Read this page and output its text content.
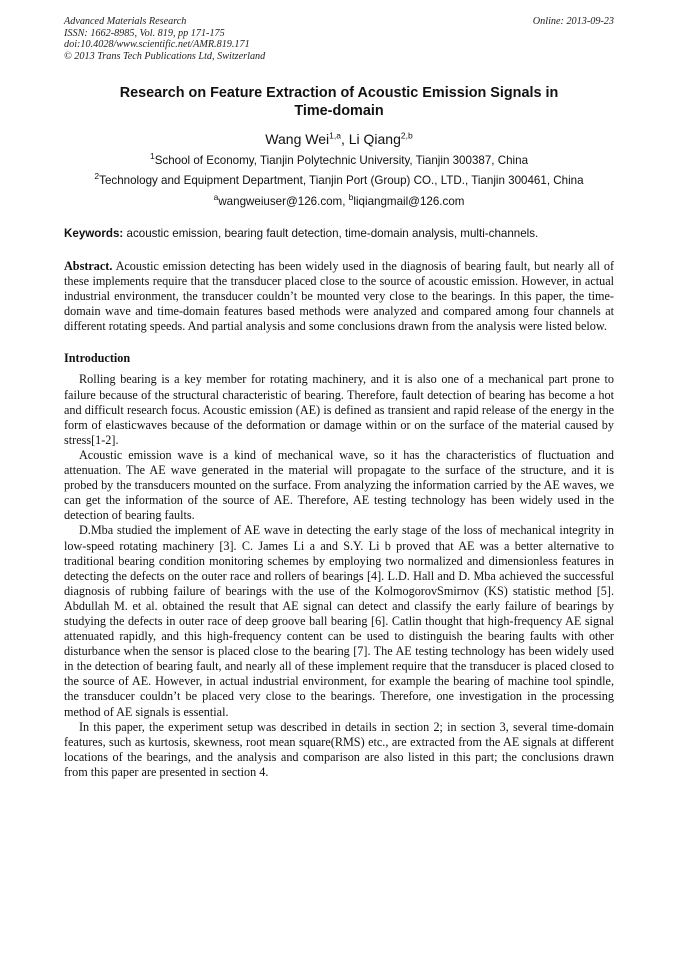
Advanced Materials Research
ISSN: 1662-8985, Vol. 819, pp 171-175
doi:10.4028/www.scientific.net/AMR.819.171
© 2013 Trans Tech Publications Ltd, Switzerland
Online: 2013-09-23
Research on Feature Extraction of Acoustic Emission Signals in
Time-domain
Wang Wei$^{1,a}$, Li Qiang$^{2,b}$
$^1$School of Economy, Tianjin Polytechnic University, Tianjin 300387, China
$^2$Technology and Equipment Department, Tianjin Port (Group) CO., LTD., Tianjin 300461, China
$^a$wangweiuser@126.com, $^b$liqiangmail@126.com
Keywords: acoustic emission, bearing fault detection, time-domain analysis, multi-channels.
Abstract. Acoustic emission detecting has been widely used in the diagnosis of bearing fault, but nearly all of these implements require that the transducer placed close to the source of acoustic emission. However, in actual industrial environment, the transducer couldn’t be mounted very close to the bearings. In this paper, the time-domain wave and time-domain features based methods were analyzed and compared among four channels at different rotating speeds. And partial analysis and some conclusions drawn from the analysis were listed below.
Introduction

Rolling bearing is a key member for rotating machinery, and it is also one of a mechanical part prone to failure because of the structural characteristic of bearing. Therefore, fault detection of bearing has become a hot and difficult research focus. Acoustic emission (AE) is defined as transient and rapid release of the energy in the form of elasticwaves because of the deformation or damage within or on the surface of the material caused by stress[1-2].

Acoustic emission wave is a kind of mechanical wave, so it has the characteristics of fluctuation and attenuation. The AE wave generated in the material will propagate to the surface of the structure, and it is probed by the transducers mounted on the surface. From analyzing the information carried by the AE waves, we can get the information of the source of AE. Therefore, AE testing technology has been widely used in the detection of bearing faults.

D.Mba studied the implement of AE wave in detecting the early stage of the loss of mechanical integrity in low-speed rotating machinery [3]. C. James Li a and S.Y. Li b proved that AE was a better alternative to traditional bearing condition monitoring schemes by employing two normalized and dimensionless features in detecting the defects on the outer race and rollers of bearings [4]. L.D. Hall and D. Mba achieved the successful diagnosis of rubbing failure of bearings with the use of the KolmogorovSmirnov (KS) statistic method [5]. Abdullah M. et al. obtained the result that AE signal can detect and classify the early failure of bearings by studying the defects in outer race of deep groove ball bearing [6]. Catlin thought that high-frequency AE signal attenuated rapidly, and this high-frequency content can be used to distinguish the bearing faults with other disturbance when the sensor is placed close to the bearing [7]. The AE testing technology has been widely used in the detection of bearing fault, and nearly all of these implement require that the transducer is placed closed to the source of AE. However, in actual industrial environment, for example the bearing of machine tool spindle, the transducer couldn’t be placed very close to the bearings. Therefore, one investigation in the processing method of AE signals is essential.

In this paper, the experiment setup was described in details in section 2; in section 3, several time-domain features, such as kurtosis, skewness, root mean square(RMS) etc., are extracted from the AE signals at different locations of the bearings, and the analysis and comparison are also listed in this part; the conclusions drawn from this paper are presented in section 4.
